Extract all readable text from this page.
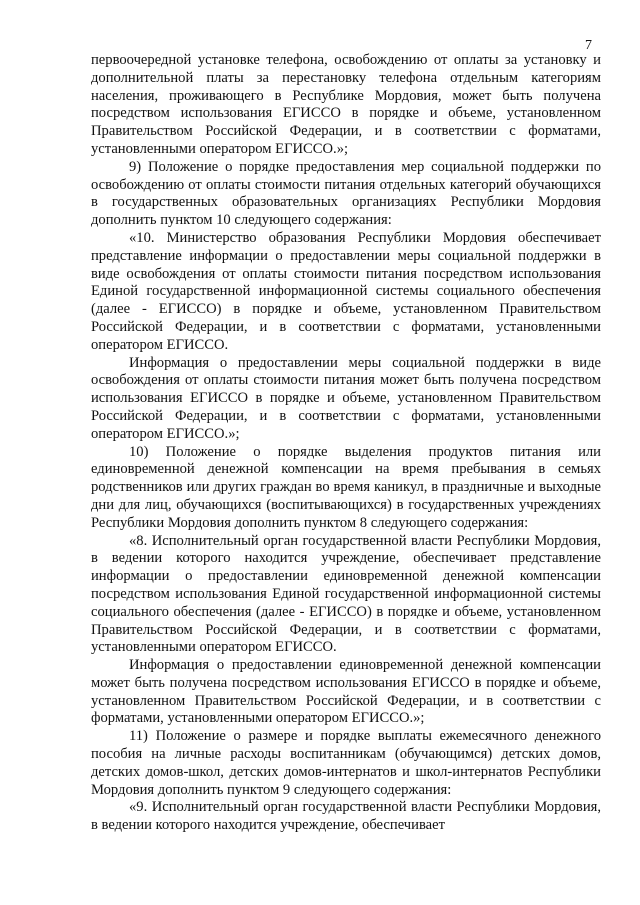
7

первоочередной установке телефона, освобождению от оплаты за установку и дополнительной платы за перестановку телефона отдельным категориям населения, проживающего в Республике Мордовия, может быть получена посредством использования ЕГИССО в порядке и объеме, установленном Правительством Российской Федерации, и в соответствии с форматами, установленными оператором ЕГИССО.»;

9) Положение о порядке предоставления мер социальной поддержки по освобождению от оплаты стоимости питания отдельных категорий обучающихся в государственных образовательных организациях Республики Мордовия дополнить пунктом 10 следующего содержания:

«10. Министерство образования Республики Мордовия обеспечивает представление информации о предоставлении меры социальной поддержки в виде освобождения от оплаты стоимости питания посредством использования Единой государственной информационной системы социального обеспечения (далее - ЕГИССО) в порядке и объеме, установленном Правительством Российской Федерации, и в соответствии с форматами, установленными оператором ЕГИССО.

Информация о предоставлении меры социальной поддержки в виде освобождения от оплаты стоимости питания может быть получена посредством использования ЕГИССО в порядке и объеме, установленном Правительством Российской Федерации, и в соответствии с форматами, установленными оператором ЕГИССО.»;

10) Положение о порядке выделения продуктов питания или единовременной денежной компенсации на время пребывания в семьях родственников или других граждан во время каникул, в праздничные и выходные дни для лиц, обучающихся (воспитывающихся) в государственных учреждениях Республики Мордовия дополнить пунктом 8 следующего содержания:

«8. Исполнительный орган государственной власти Республики Мордовия, в ведении которого находится учреждение, обеспечивает представление информации о предоставлении единовременной денежной компенсации посредством использования Единой государственной информационной системы социального обеспечения (далее - ЕГИССО) в порядке и объеме, установленном Правительством Российской Федерации, и в соответствии с форматами, установленными оператором ЕГИССО.

Информация о предоставлении единовременной денежной компенсации может быть получена посредством использования ЕГИССО в порядке и объеме, установленном Правительством Российской Федерации, и в соответствии с форматами, установленными оператором ЕГИССО.»;

11) Положение о размере и порядке выплаты ежемесячного денежного пособия на личные расходы воспитанникам (обучающимся) детских домов, детских домов-школ, детских домов-интернатов и школ-интернатов Республики Мордовия дополнить пунктом 9 следующего содержания:

«9. Исполнительный орган государственной власти Республики Мордовия, в ведении которого находится учреждение, обеспечивает
